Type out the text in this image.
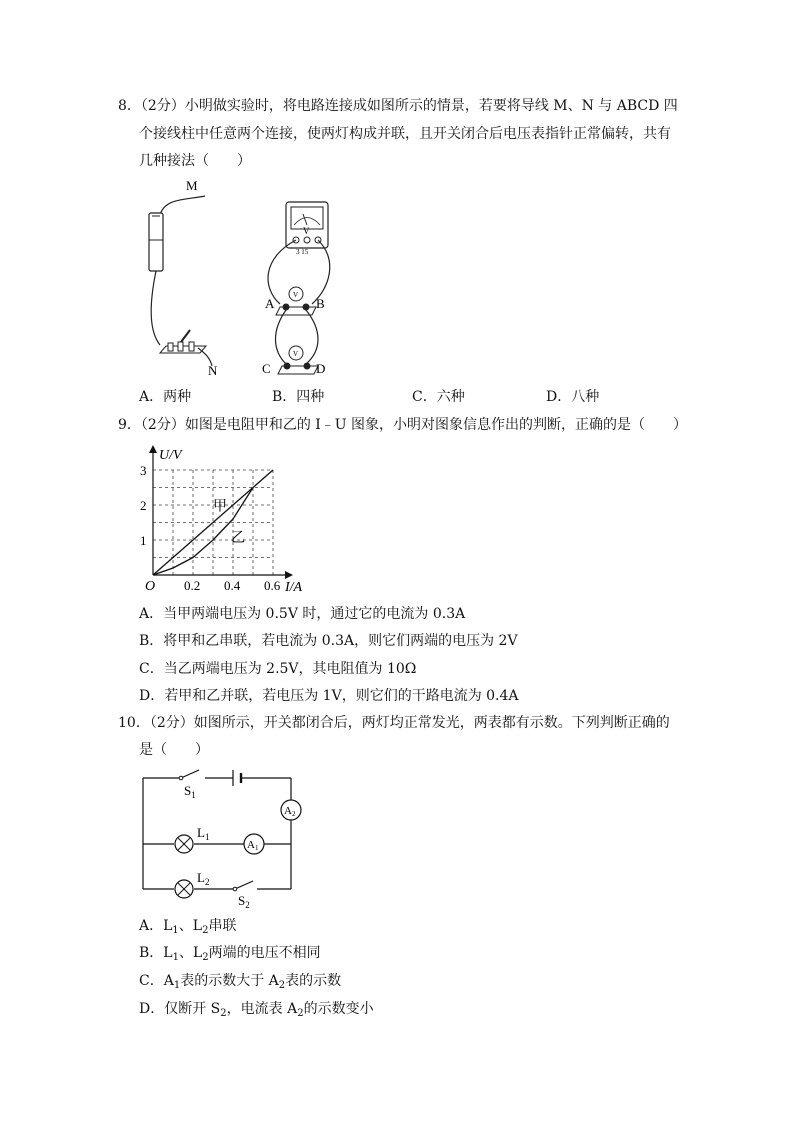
8．（2分）小明做实验时，将电路连接成如图所示的情景，若要将导线 M、N 与 ABCD 四
个接线柱中任意两个连接，使两灯构成并联，且开关闭合后电压表指针正常偏转，共有
几种接法（　　）
M
N
V
3 15
V
A	B
V
C	D
A．两种	B．四种	C．六种	D．八种
9．（2分）如图是电阻甲和乙的 I﹣U 图象，小明对图象信息作出的判断，正确的是（　　）
U/V
I/A
O 0.2 0.4 0.6
1
2
3
甲
乙
A．当甲两端电压为 0.5V 时，通过它的电流为 0.3A
B．将甲和乙串联，若电流为 0.3A，则它们两端的电压为 2V
C．当乙两端电压为 2.5V，其电阻值为 10Ω
D．若甲和乙并联，若电压为 1V，则它们的干路电流为 0.4A
10．（2分）如图所示，开关都闭合后，两灯均正常发光，两表都有示数。下列判断正确的
是（　　）
$S_1$
A2
$L_1$
A1
$L_2$
$S_2$
A．$L_1$、$L_2$串联
B．$L_1$、$L_2$两端的电压不相同
C．$A_1$表的示数大于 $A_2$表的示数
D．仅断开 $S_2$，电流表 $A_2$的示数变小
